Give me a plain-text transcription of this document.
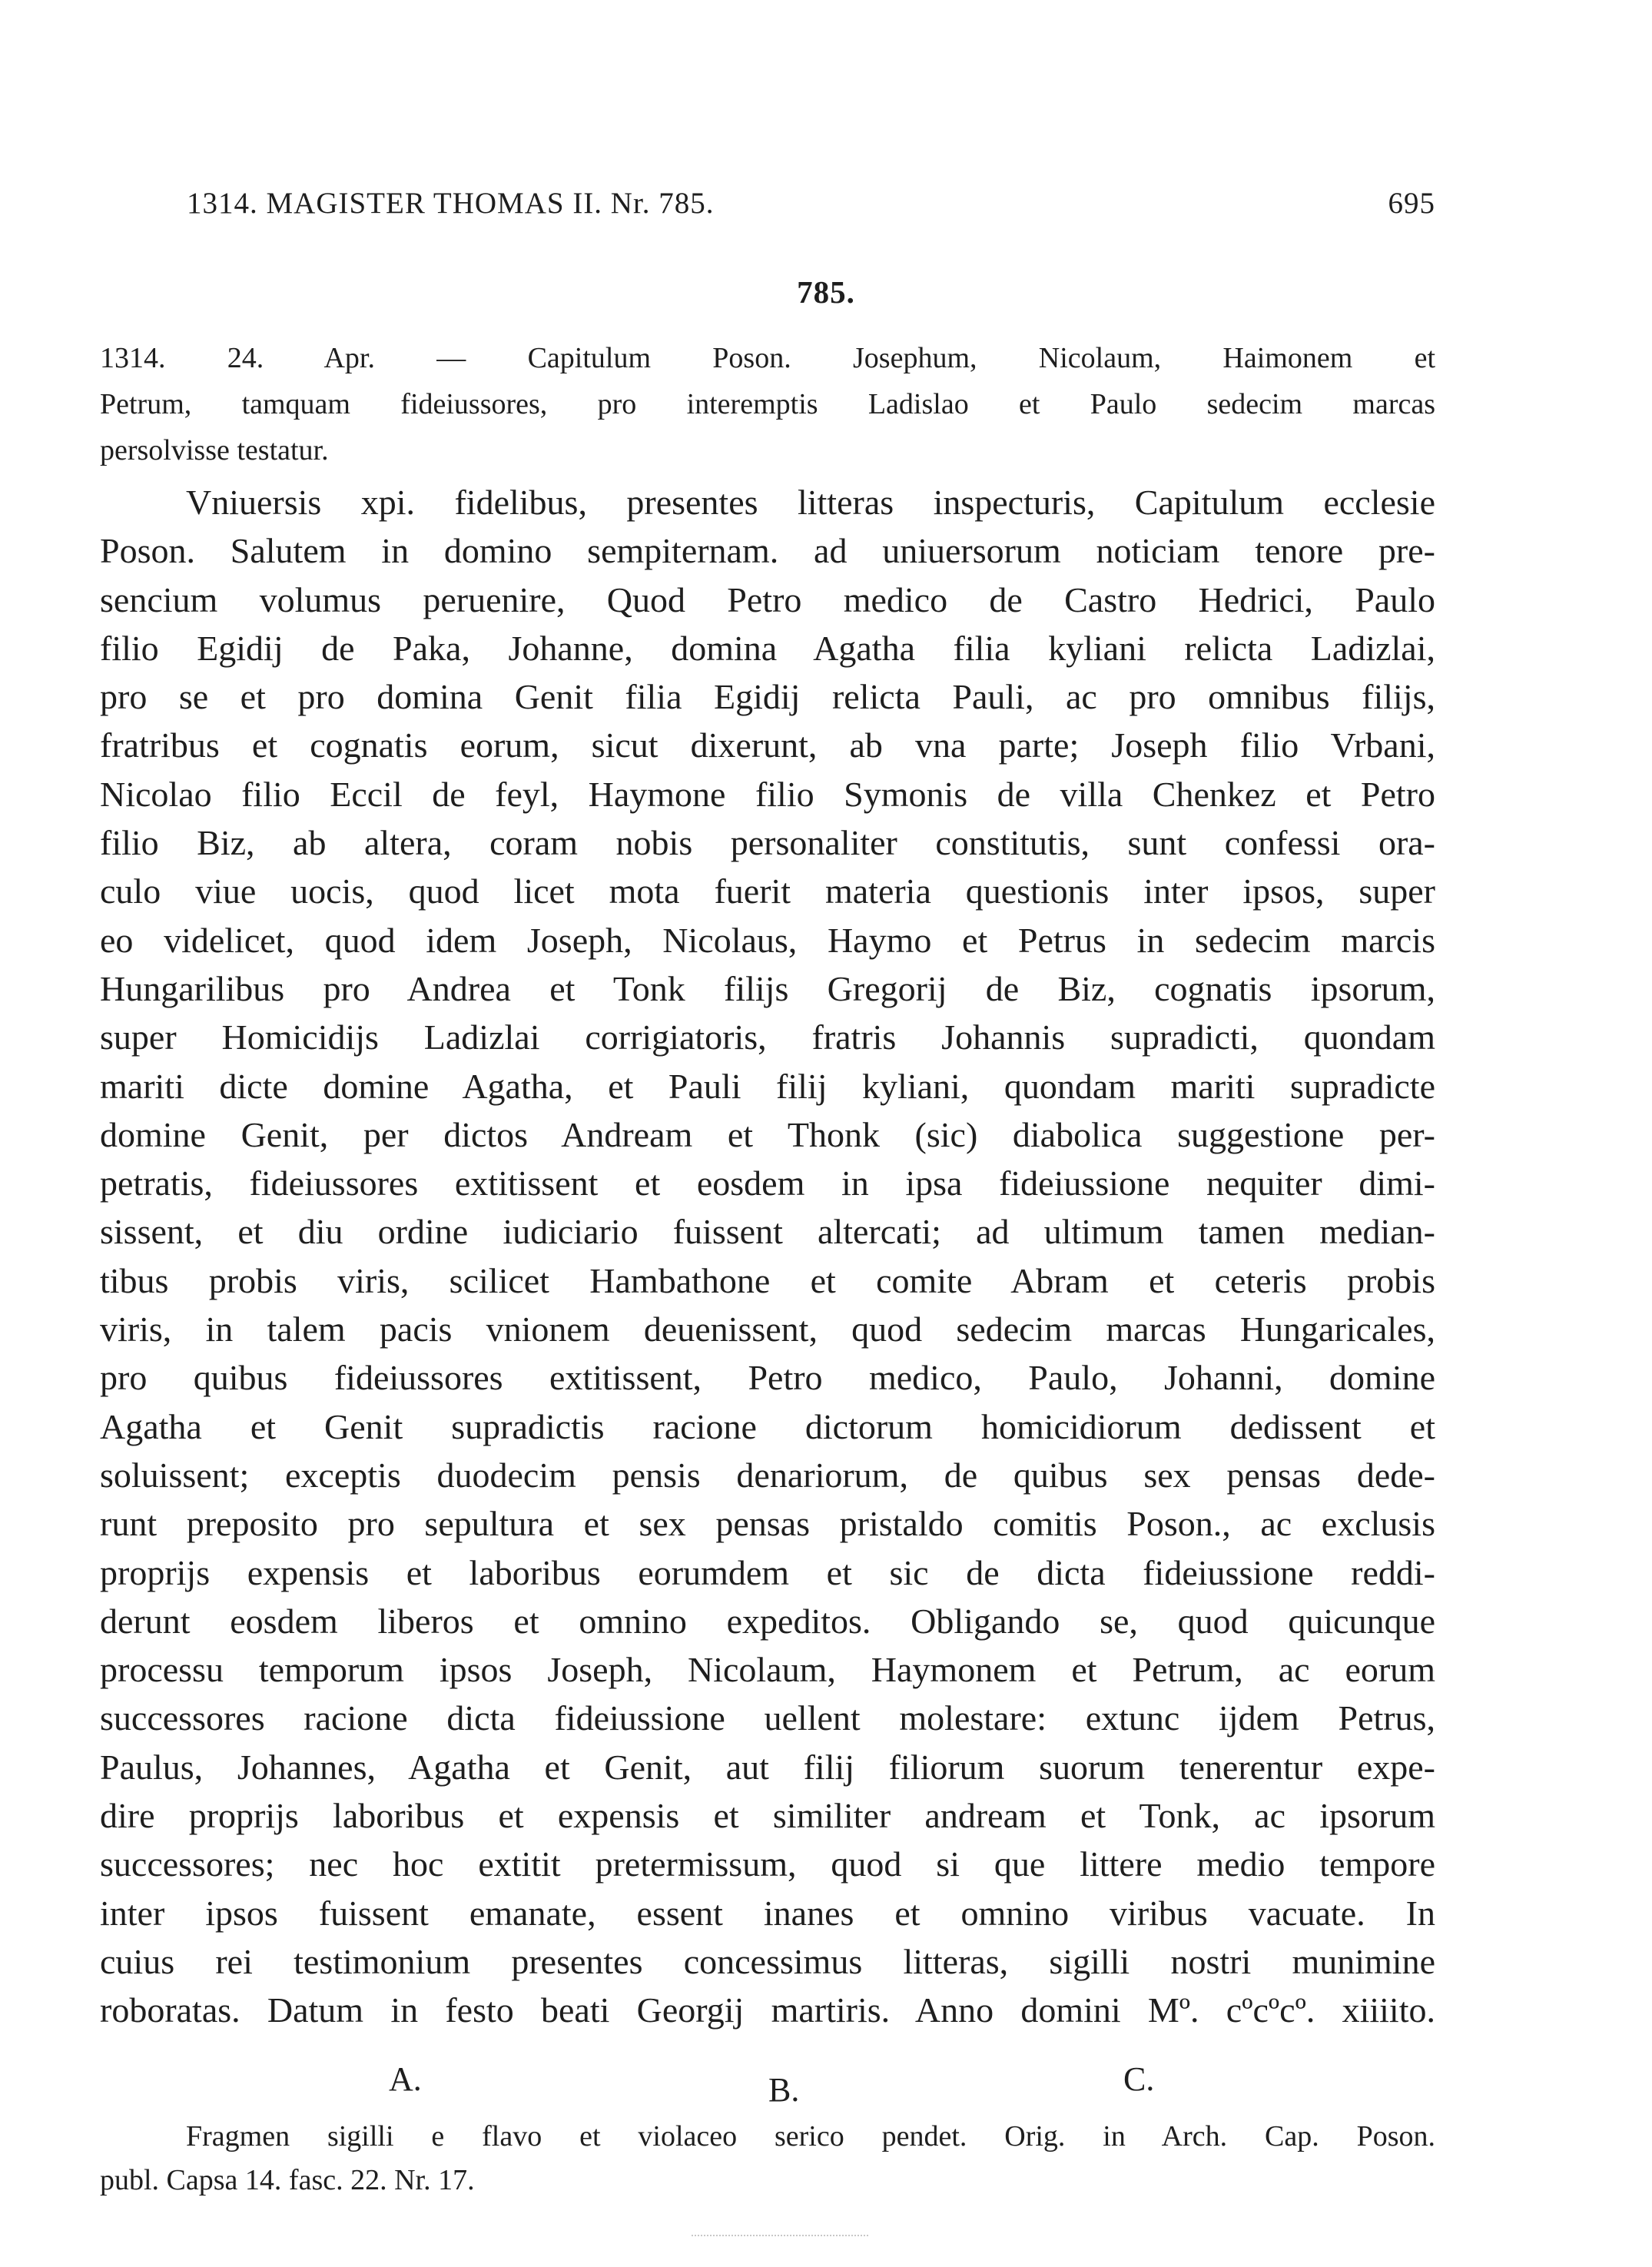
1314. MAGISTER THOMAS II. Nr. 785.	695
785.
1314. 24. Apr. — Capitulum Poson. Josephum, Nicolaum, Haimonem et
Petrum, tamquam fideiussores, pro interemptis Ladislao et Paulo sedecim marcas
persolvisse testatur.
Vniuersis xpi. fidelibus, presentes litteras inspecturis, Capitulum ecclesie
Poson. Salutem in domino sempiternam. ad uniuersorum noticiam tenore pre-
sencium volumus peruenire, Quod Petro medico de Castro Hedrici, Paulo
filio Egidij de Paka, Johanne, domina Agatha filia kyliani relicta Ladizlai,
pro se et pro domina Genit filia Egidij relicta Pauli, ac pro omnibus filijs,
fratribus et cognatis eorum, sicut dixerunt, ab vna parte; Joseph filio Vrbani,
Nicolao filio Eccil de feyl, Haymone filio Symonis de villa Chenkez et Petro
filio Biz, ab altera, coram nobis personaliter constitutis, sunt confessi ora-
culo viue uocis, quod licet mota fuerit materia questionis inter ipsos, super
eo videlicet, quod idem Joseph, Nicolaus, Haymo et Petrus in sedecim marcis
Hungarilibus pro Andrea et Tonk filijs Gregorij de Biz, cognatis ipsorum,
super Homicidijs Ladizlai corrigiatoris, fratris Johannis supradicti, quondam
mariti dicte domine Agatha, et Pauli filij kyliani, quondam mariti supradicte
domine Genit, per dictos Andream et Thonk (sic) diabolica suggestione per-
petratis, fideiussores extitissent et eosdem in ipsa fideiussione nequiter dimi-
sissent, et diu ordine iudiciario fuissent altercati; ad ultimum tamen median-
tibus probis viris, scilicet Hambathone et comite Abram et ceteris probis
viris, in talem pacis vnionem deuenissent, quod sedecim marcas Hungaricales,
pro quibus fideiussores extitissent, Petro medico, Paulo, Johanni, domine
Agatha et Genit supradictis racione dictorum homicidiorum dedissent et
soluissent; exceptis duodecim pensis denariorum, de quibus sex pensas dede-
runt preposito pro sepultura et sex pensas pristaldo comitis Poson., ac exclusis
proprijs expensis et laboribus eorumdem et sic de dicta fideiussione reddi-
derunt eosdem liberos et omnino expeditos. Obligando se, quod quicunque
processu temporum ipsos Joseph, Nicolaum, Haymonem et Petrum, ac eorum
successores racione dicta fideiussione uellent molestare: extunc ijdem Petrus,
Paulus, Johannes, Agatha et Genit, aut filij filiorum suorum tenerentur expe-
dire proprijs laboribus et expensis et similiter andream et Tonk, ac ipsorum
successores; nec hoc extitit pretermissum, quod si que littere medio tempore
inter ipsos fuissent emanate, essent inanes et omnino viribus vacuate. In
cuius rei testimonium presentes concessimus litteras, sigilli nostri munimine
roboratas. Datum in festo beati Georgij martiris. Anno domini Mº. cºcºcº. xiiiito.
A.	B.	C.
Fragmen sigilli e flavo et violaceo serico pendet. Orig. in Arch. Cap. Poson.
publ. Capsa 14. fasc. 22. Nr. 17.
